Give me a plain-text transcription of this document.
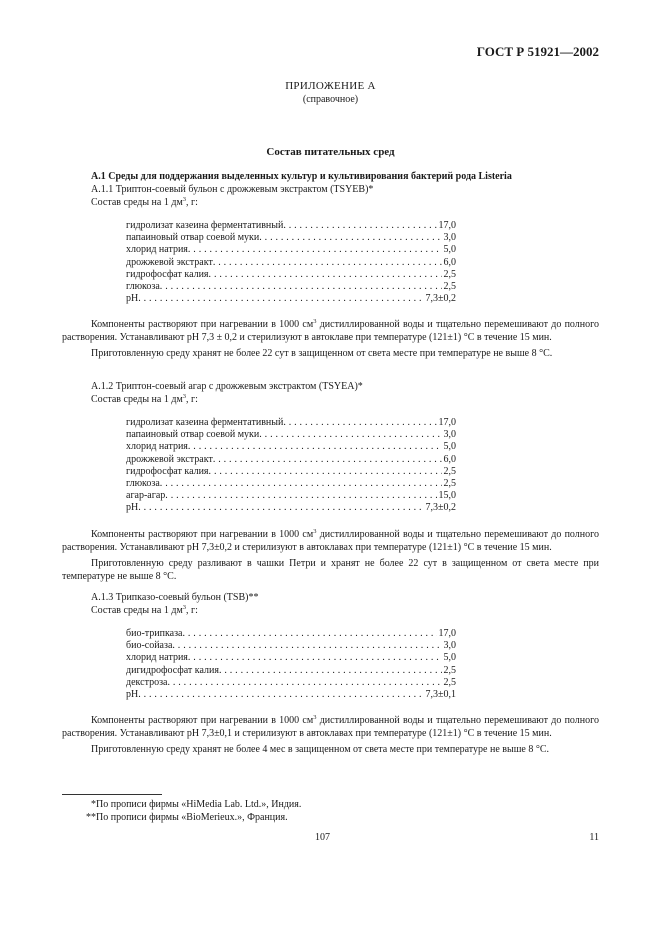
ГОСТ Р 51921—2002
ПРИЛОЖЕНИЕ А
(справочное)
Состав питательных сред
А.1 Среды для поддержания выделенных культур и культивирования бактерий рода Listeria
А.1.1 Триптон-соевый бульон с дрожжевым экстрактом (TSYEB)*
Состав среды на 1 $дм^3$, г:
гидролизат казеина ферментативный . . .	17,0
папаиновый отвар соевой муки . . .	3,0
хлорид натрия . . .	5,0
дрожжевой экстракт . . .	6,0
гидрофосфат калия . . .	2,5
глюкоза . . .	2,5
pH . . .	7,3±0,2
Компоненты растворяют при нагревании в 1000 $см^3$ дистиллированной воды и тщательно перемешивают до полного растворения. Устанавливают рН 7,3 ± 0,2 и стерилизуют в автоклаве при температуре (121±1) °С в течение 15 мин.
Приготовленную среду хранят не более 22 сут в защищенном от света месте при температуре не выше 8 °С.
А.1.2 Триптон-соевый агар с дрожжевым экстрактом (TSYEA)*
Состав среды на 1 $дм^3$, г:
гидролизат казеина ферментативный . . .	17,0
папаиновый отвар соевой муки . . .	3,0
хлорид натрия . . .	5,0
дрожжевой экстракт . . .	6,0
гидрофосфат калия . . .	2,5
глюкоза . . .	2,5
агар-агар . . .	15,0
pH . . .	7,3±0,2
Компоненты растворяют при нагревании в 1000 $см^3$ дистиллированной воды и тщательно перемешивают до полного растворения. Устанавливают рН 7,3±0,2 и стерилизуют в автоклавах при температуре (121±1) °С в течение 15 мин.
Приготовленную среду разливают в чашки Петри и хранят не более 22 сут в защищенном от света месте при температуре не выше 8 °С.
А.1.3 Трипказо-соевый бульон (TSB)**
Состав среды на 1 $дм^3$, г:
био-трипказа . . .	17,0
био-сойаза . . .	3,0
хлорид натрия . . .	5,0
дигидрофосфат калия . . .	2,5
декстроза . . .	2,5
pH . . .	7,3±0,1
Компоненты растворяют при нагревании в 1000 $см^3$ дистиллированной воды и тщательно перемешивают до полного растворения. Устанавливают рН 7,3±0,1 и стерилизуют в автоклавах при температуре (121±1) °С в течение 15 мин.
Приготовленную среду хранят не более 4 мес в защищенном от света месте при температуре не выше 8 °С.
*По прописи фирмы «HiMedia Lab. Ltd.», Индия.
**По прописи фирмы «BioMerieux.», Франция.
107	11
